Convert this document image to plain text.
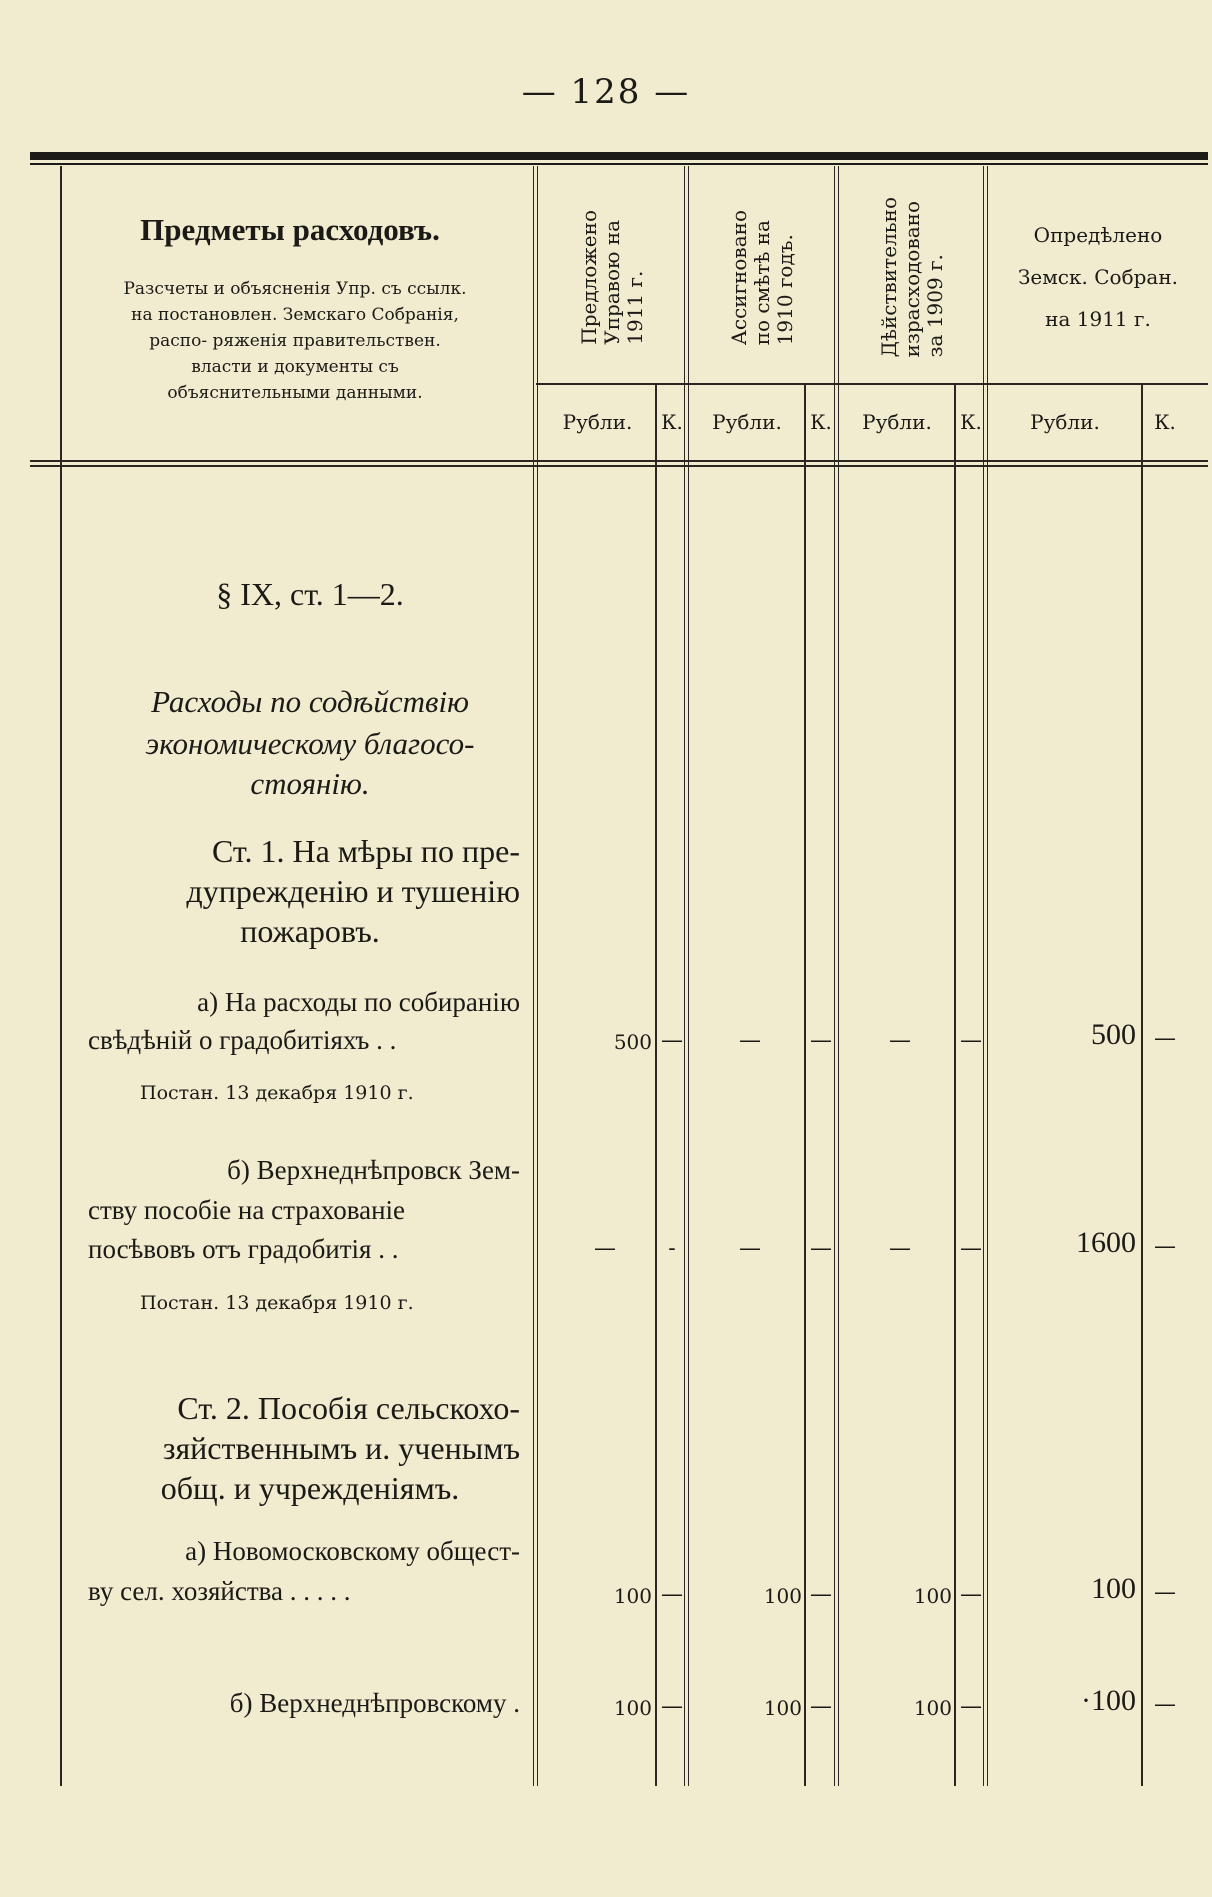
— 128 —
Предметы расходовъ.
Разсчеты и объясненія Упр. съ ссылк. на постановлен. Земскаго Собранія, распо- ряженія правительствен. власти и документы съ объяснительными данными.
Предложено
Управою на
1911 г.	Ассигновано
по смѣтѣ на
1910 годъ.	Дѣйствительно
израсходовано
за 1909 г.
Опредѣлено
Земск. Собран.
на 1911 г.
Рубли.	К.	Рубли.	К.	Рубли.	К.	Рубли.	К.
§ IX, ст. 1—2.
Расходы по содѣйствію
экономическому благосо-
стоянію.
Ст. 1. На мѣры по пре-
дупрежденію и тушенію
пожаровъ.
а) На расходы по собиранію
свѣдѣній о градобитіяхъ . .
Постан. 13 декабря 1910 г.
500 —	—	—	—	—	500 —
б) Верхнеднѣпровск Зем-
ству пособіе на страхованіе
посѣвовъ отъ градобитія . .
Постан. 13 декабря 1910 г.
—	-	—	—	—	—	1600 —
Ст. 2. Пособія сельскохо-
зяйственнымъ и. ученымъ
общ. и учрежденіямъ.
а) Новомосковскому общест-
ву сел. хозяйства . . . . .	100 —	100 —	100 —	100 —
б) Верхнеднѣпровскому .	100 —	100 —	100 —	·100 —
